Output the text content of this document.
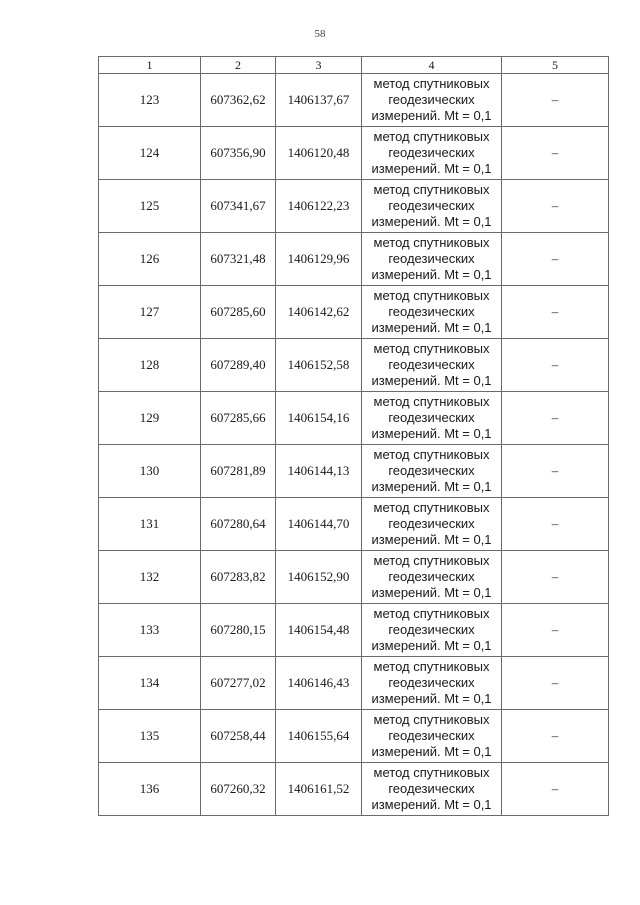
58
1	2	3	4	5
123	607362,62	1406137,67	метод спутниковых
геодезических
измерений. Mt = 0,1	–
124	607356,90	1406120,48	метод спутниковых
геодезических
измерений. Mt = 0,1	–
125	607341,67	1406122,23	метод спутниковых
геодезических
измерений. Mt = 0,1	–
126	607321,48	1406129,96	метод спутниковых
геодезических
измерений. Mt = 0,1	–
127	607285,60	1406142,62	метод спутниковых
геодезических
измерений. Mt = 0,1	–
128	607289,40	1406152,58	метод спутниковых
геодезических
измерений. Mt = 0,1	–
129	607285,66	1406154,16	метод спутниковых
геодезических
измерений. Mt = 0,1	–
130	607281,89	1406144,13	метод спутниковых
геодезических
измерений. Mt = 0,1	–
131	607280,64	1406144,70	метод спутниковых
геодезических
измерений. Mt = 0,1	–
132	607283,82	1406152,90	метод спутниковых
геодезических
измерений. Mt = 0,1	–
133	607280,15	1406154,48	метод спутниковых
геодезических
измерений. Mt = 0,1	–
134	607277,02	1406146,43	метод спутниковых
геодезических
измерений. Mt = 0,1	–
135	607258,44	1406155,64	метод спутниковых
геодезических
измерений. Mt = 0,1	–
136	607260,32	1406161,52	метод спутниковых
геодезических
измерений. Mt = 0,1	–
